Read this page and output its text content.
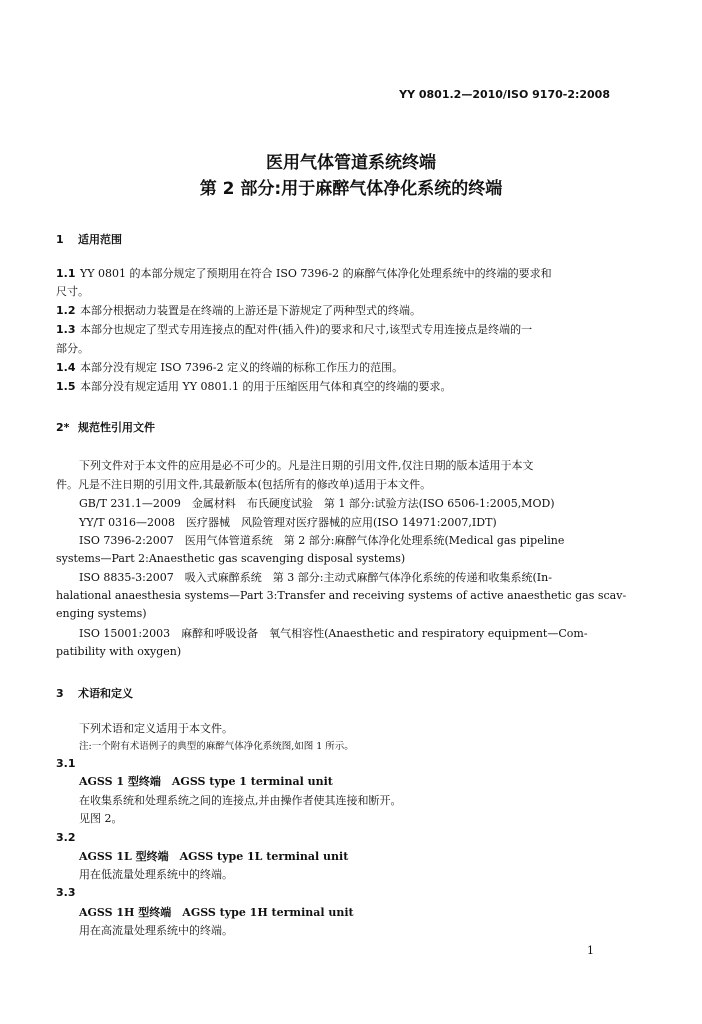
YY 0801.2—2010/ISO 9170-2:2008
医用气体管道系统终端
第 2 部分:用于麻醉气体净化系统的终端
1 适用范围
1.1 YY 0801 的本部分规定了预期用在符合 ISO 7396-2 的麻醉气体净化处理系统中的终端的要求和
尺寸。
1.2 本部分根据动力装置是在终端的上游还是下游规定了两种型式的终端。
1.3 本部分也规定了型式专用连接点的配对件(插入件)的要求和尺寸,该型式专用连接点是终端的一
部分。
1.4 本部分没有规定 ISO 7396-2 定义的终端的标称工作压力的范围。
1.5 本部分没有规定适用 YY 0801.1 的用于压缩医用气体和真空的终端的要求。
2* 规范性引用文件
下列文件对于本文件的应用是必不可少的。凡是注日期的引用文件,仅注日期的版本适用于本文
件。凡是不注日期的引用文件,其最新版本(包括所有的修改单)适用于本文件。
GB/T 231.1—2009　金属材料　布氏硬度试验　第 1 部分:试验方法(ISO 6506-1:2005,MOD)
YY/T 0316—2008　医疗器械　风险管理对医疗器械的应用(ISO 14971:2007,IDT)
ISO 7396-2:2007　医用气体管道系统　第 2 部分:麻醉气体净化处理系统(Medical gas pipeline
systems—Part 2:Anaesthetic gas scavenging disposal systems)
ISO 8835-3:2007　吸入式麻醉系统　第 3 部分:主动式麻醉气体净化系统的传递和收集系统(In-
halational anaesthesia systems—Part 3:Transfer and receiving systems of active anaesthetic gas scav-
enging systems)
ISO 15001:2003　麻醉和呼吸设备　氧气相容性(Anaesthetic and respiratory equipment—Com-
patibility with oxygen)
3 术语和定义
下列术语和定义适用于本文件。
注:一个附有术语例子的典型的麻醉气体净化系统图,如图 1 所示。
3.1
AGSS 1 型终端　AGSS type 1 terminal unit
在收集系统和处理系统之间的连接点,并由操作者使其连接和断开。
见图 2。
3.2
AGSS 1L 型终端　AGSS type 1L terminal unit
用在低流量处理系统中的终端。
3.3
AGSS 1H 型终端　AGSS type 1H terminal unit
用在高流量处理系统中的终端。
1
